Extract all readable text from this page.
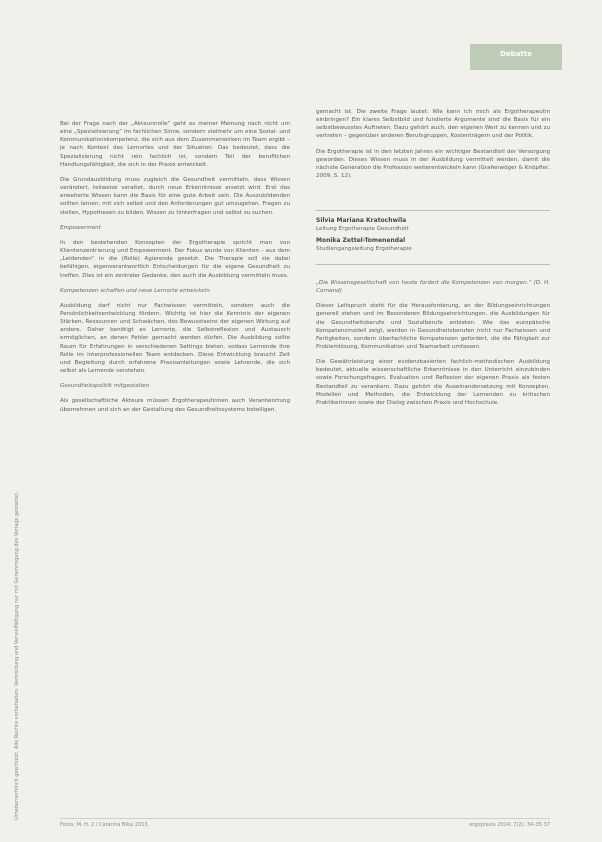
Debatte
Urheberrechtlich geschützt. Alle Rechte vorbehalten. Verbreitung und Vervielfältigung nur mit Genehmigung des Verlags gestattet.

Bei der Frage nach der „Akteursrolle“ geht es meiner Meinung nach nicht um eine „Spezialisierung“ im fachlichen Sinne, sondern vielmehr um eine Sozial- und Kommunikationskompetenz, die sich aus dem Zusammenwirken im Team ergibt – je nach Kontext des Lernortes und der Situation. Das bedeutet, dass die Spezialisierung nicht rein fachlich ist, sondern Teil der beruflichen Handlungsfähigkeit, die sich in der Praxis entwickelt.

Die Grundausbildung muss zugleich die Gesundheit vermitteln, dass Wissen verändert, teilweise veraltet, durch neue Erkenntnisse ersetzt wird. Erst das erweiterte Wissen kann die Basis für eine gute Arbeit sein. Die Auszubildenden sollten lernen, mit sich selbst und den Anforderungen gut umzugehen. Fragen zu stellen, Hypothesen zu bilden, Wissen zu hinterfragen und selbst zu suchen.

Empowerment

In den bestehenden Konzepten der Ergotherapie spricht man von Klientenzentrierung und Empowerment. Der Fokus wurde von Klienten – aus dem „Leidenden“ in die (Rolle) Agierende gesetzt. Die Therapie soll sie dabei befähigen, eigenverantwortlich Entscheidungen für die eigene Gesundheit zu treffen. Dies ist ein zentraler Gedanke, den auch die Ausbildung vermitteln muss.

Kompetenzen schaffen und neue Lernorte entwickeln

Ausbildung darf nicht nur Fachwissen vermitteln, sondern auch die Persönlichkeitsentwicklung fördern. Wichtig ist hier die Kenntnis der eigenen Stärken, Ressourcen und Schwächen, des Bewusstseins der eigenen Wirkung auf andere. Daher benötigt es Lernorte, die Selbstreflexion und Austausch ermöglichen, an denen Fehler gemacht werden dürfen. Die Ausbildung sollte Raum für Erfahrungen in verschiedenen Settings bieten, sodass Lernende ihre Rolle im interprofessionellen Team entdecken. Diese Entwicklung braucht Zeit und Begleitung durch erfahrene Praxisanleitungen sowie Lehrende, die sich selbst als Lernende verstehen.

Gesundheitspolitik mitgestalten

Als gesellschaftliche Akteure müssen Ergotherapeutinnen auch Verantwortung übernehmen und sich an der Gestaltung des Gesundheitssystems beteiligen.

gemacht ist. Die zweite Frage lautet: Wie kann ich mich als Ergotherapeutin einbringen? Ein klares Selbstbild und fundierte Argumente sind die Basis für ein selbstbewusstes Auftreten. Dazu gehört auch, den eigenen Wert zu kennen und zu vertreten – gegenüber anderen Berufsgruppen, Kostenträgern und der Politik.

Die Ergotherapie ist in den letzten Jahren ein wichtiger Bestandteil der Versorgung geworden. Dieses Wissen muss in der Ausbildung vermittelt werden, damit die nächste Generation die Profession weiterentwickeln kann (Grafenwöger & Knöpfler, 2009, S. 12).

Silvia Mariana Kratochwila
Leitung Ergotherapie Gesundheit
Monika Zettel-Tomenendal
Studiengangsleitung Ergotherapie

„Die Wissensgesellschaft von heute fordert die Kompetenzen von morgen.“ (D. H. Cornand)

Dieser Leitspruch steht für die Herausforderung, an der Bildungseinrichtungen generell stehen und im Besonderen Bildungseinrichtungen, die Ausbildungen für die Gesundheitsberufe und Sozialberufe anbieten. Wie das europäische Kompetenzmodell zeigt, werden in Gesundheitsberufen nicht nur Fachwissen und Fertigkeiten, sondern überfachliche Kompetenzen gefordert, die die Fähigkeit zur Problemlösung, Kommunikation und Teamarbeit umfassen.

Die Gewährleistung einer evidenzbasierten fachlich-methodischen Ausbildung bedeutet, aktuelle wissenschaftliche Erkenntnisse in den Unterricht einzubinden sowie Forschungsfragen, Evaluation und Reflexion der eigenen Praxis als festen Bestandteil zu verankern. Dazu gehört die Auseinandersetzung mit Konzepten, Modellen und Methoden, die Entwicklung der Lernenden zu kritischen Praktikerinnen sowie der Dialog zwischen Praxis und Hochschule.

Fotos: M. H. 2 / Catarina Bliss 2013	ergopraxis 2014; 7(2): 34–35 37
